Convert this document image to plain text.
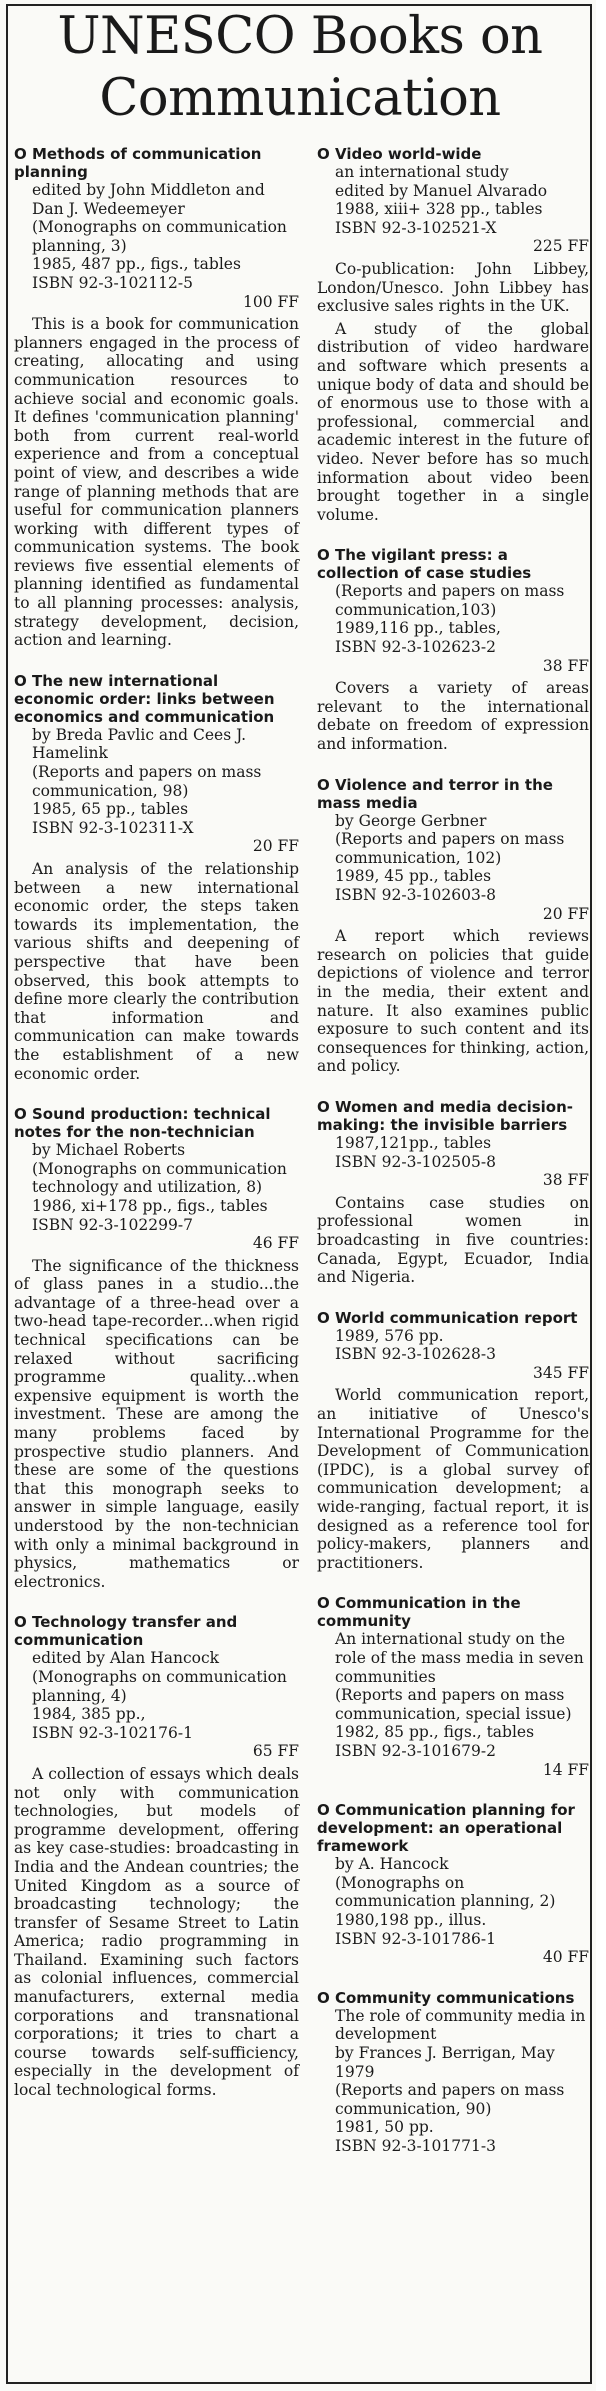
UNESCO Books on Communication
O Methods of communication planning
edited by John Middleton and Dan J. Wedeemeyer
(Monographs on communication planning, 3)
1985, 487 pp., figs., tables
ISBN 92-3-102112-5
100 FF
This is a book for communication planners engaged in the process of creating, allocating and using communication resources to achieve social and economic goals. It defines 'communication planning' both from current real-world experience and from a conceptual point of view, and describes a wide range of planning methods that are useful for communication planners working with different types of communication systems. The book reviews five essential elements of planning identified as fundamental to all planning processes: analysis, strategy development, decision, action and learning.
O The new international economic order: links between economics and communication
by Breda Pavlic and Cees J. Hamelink
(Reports and papers on mass communication, 98)
1985, 65 pp., tables
ISBN 92-3-102311-X
20 FF
An analysis of the relationship between a new international economic order, the steps taken towards its implementation, the various shifts and deepening of perspective that have been observed, this book attempts to define more clearly the contribution that information and communication can make towards the establishment of a new economic order.
O Sound production: technical notes for the non-technician
by Michael Roberts
(Monographs on communication technology and utilization, 8)
1986, xi+178 pp., figs., tables
ISBN 92-3-102299-7
46 FF
The significance of the thickness of glass panes in a studio...the advantage of a three-head over a two-head tape-recorder...when rigid technical specifications can be relaxed without sacrificing programme quality...when expensive equipment is worth the investment. These are among the many problems faced by prospective studio planners. And these are some of the questions that this monograph seeks to answer in simple language, easily understood by the non-technician with only a minimal background in physics, mathematics or electronics.
O Technology transfer and communication
edited by Alan Hancock
(Monographs on communication planning, 4)
1984, 385 pp.,
ISBN 92-3-102176-1
65 FF
A collection of essays which deals not only with communication technologies, but models of programme development, offering as key case-studies: broadcasting in India and the Andean countries; the United Kingdom as a source of broadcasting technology; the transfer of Sesame Street to Latin America; radio programming in Thailand. Examining such factors as colonial influences, commercial manufacturers, external media corporations and transnational corporations; it tries to chart a course towards self-sufficiency, especially in the development of local technological forms.
O Video world-wide
an international study
edited by Manuel Alvarado
1988, xiii+ 328 pp., tables
ISBN 92-3-102521-X
225 FF
Co-publication: John Libbey, London/Unesco. John Libbey has exclusive sales rights in the UK.
A study of the global distribution of video hardware and software which presents a unique body of data and should be of enormous use to those with a professional, commercial and academic interest in the future of video. Never before has so much information about video been brought together in a single volume.
O The vigilant press: a collection of case studies
(Reports and papers on mass communication,103)
1989,116 pp., tables,
ISBN 92-3-102623-2
38 FF
Covers a variety of areas relevant to the international debate on freedom of expression and information.
O Violence and terror in the mass media
by George Gerbner
(Reports and papers on mass communication, 102)
1989, 45 pp., tables
ISBN 92-3-102603-8
20 FF
A report which reviews research on policies that guide depictions of violence and terror in the media, their extent and nature. It also examines public exposure to such content and its consequences for thinking, action, and policy.
O Women and media decision-making: the invisible barriers
1987,121pp., tables
ISBN 92-3-102505-8
38 FF
Contains case studies on professional women in broadcasting in five countries: Canada, Egypt, Ecuador, India and Nigeria.
O World communication report
1989, 576 pp.
ISBN 92-3-102628-3
345 FF
World communication report, an initiative of Unesco's International Programme for the Development of Communication (IPDC), is a global survey of communication development; a wide-ranging, factual report, it is designed as a reference tool for policy-makers, planners and practitioners.
O Communication in the community
An international study on the role of the mass media in seven communities
(Reports and papers on mass communication, special issue)
1982, 85 pp., figs., tables
ISBN 92-3-101679-2
14 FF
O Communication planning for development: an operational framework
by A. Hancock
(Monographs on communication planning, 2)
1980,198 pp., illus.
ISBN 92-3-101786-1
40 FF
O Community communications
The role of community media in development
by Frances J. Berrigan, May 1979
(Reports and papers on mass communication, 90)
1981, 50 pp.
ISBN 92-3-101771-3
